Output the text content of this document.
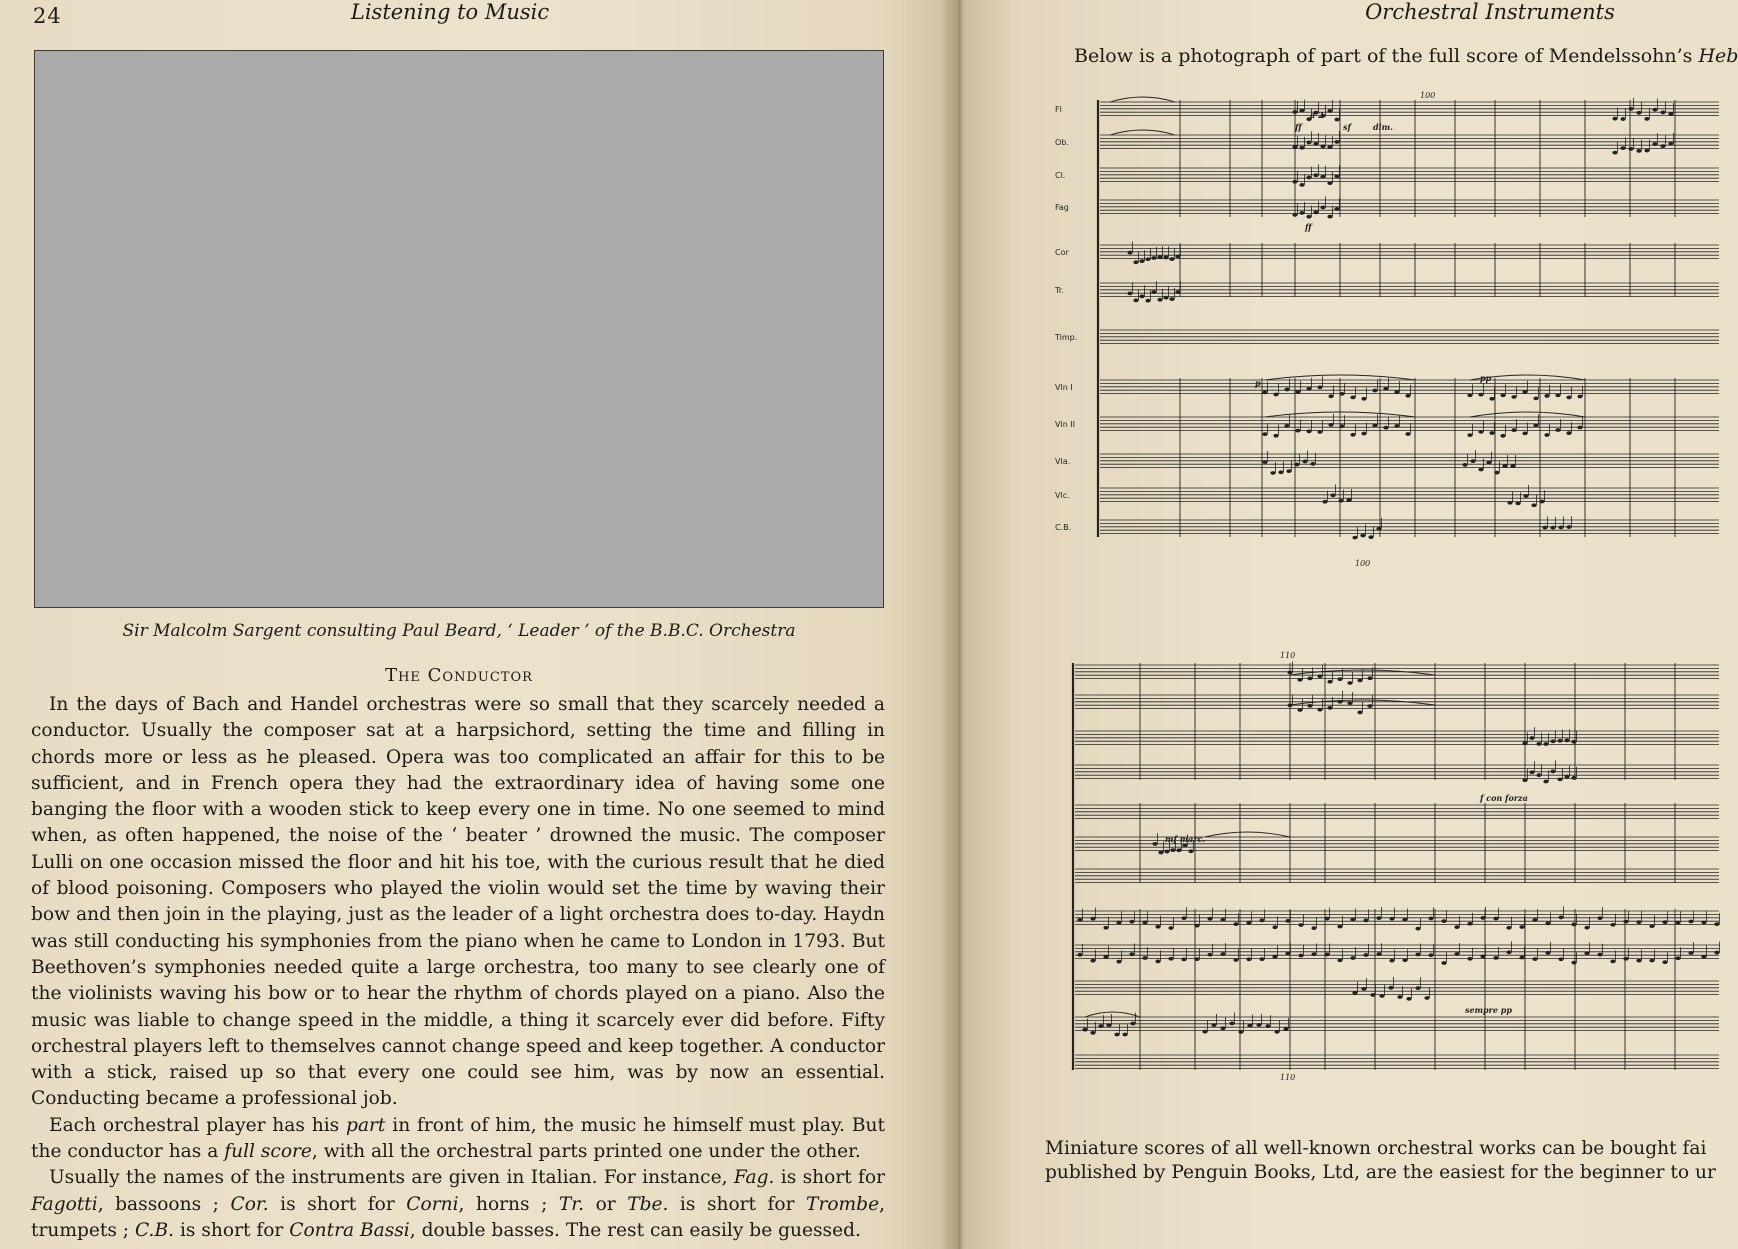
24	Listening to Music
Sir Malcolm Sargent consulting Paul Beard, ‘ Leader ’ of the B.B.C. Orchestra
The Conductor

In the days of Bach and Handel orchestras were so small that they scarcely needed a conductor. Usually the composer sat at a harpsichord, setting the time and filling in chords more or less as he pleased. Opera was too complicated an affair for this to be sufficient, and in French opera they had the extraordinary idea of having some one banging the floor with a wooden stick to keep every one in time. No one seemed to mind when, as often happened, the noise of the ‘ beater ’ drowned the music. The composer Lulli on one occasion missed the floor and hit his toe, with the curious result that he died of blood poisoning. Composers who played the violin would set the time by waving their bow and then join in the playing, just as the leader of a light orchestra does to-day. Haydn was still conducting his symphonies from the piano when he came to London in 1793. But Beethoven’s symphonies needed quite a large orchestra, too many to see clearly one of the violinists waving his bow or to hear the rhythm of chords played on a piano. Also the music was liable to change speed in the middle, a thing it scarcely ever did before. Fifty orchestral players left to themselves cannot change speed and keep together. A conductor with a stick, raised up so that every one could see him, was by now an essential. Conducting became a professional job.

Each orchestral player has his part in front of him, the music he himself must play. But the conductor has a full score, with all the orchestral parts printed one under the other.

Usually the names of the instruments are given in Italian. For instance, Fag. is short for Fagotti, bassoons ; Cor. is short for Corni, horns ; Tr. or Tbe. is short for Trombe, trumpets ; C.B. is short for Contra Bassi, double basses. The rest can easily be guessed.

Orchestral Instruments
Below is a photograph of part of the full score of Mendelssohn’s Heb
Fl
Ob.
Cl.
Fag
Cor
Tr.
Timp.
Vln I
Vln II
Vla.
Vlc.
C.B.
100
100
110
110
ff
ff
sf	dim.
p	pp
mf marc.
f con forza
sempre pp
a 2
Miniature scores of all well-known orchestral works can be bought fai
published by Penguin Books, Ltd, are the easiest for the beginner to ur
